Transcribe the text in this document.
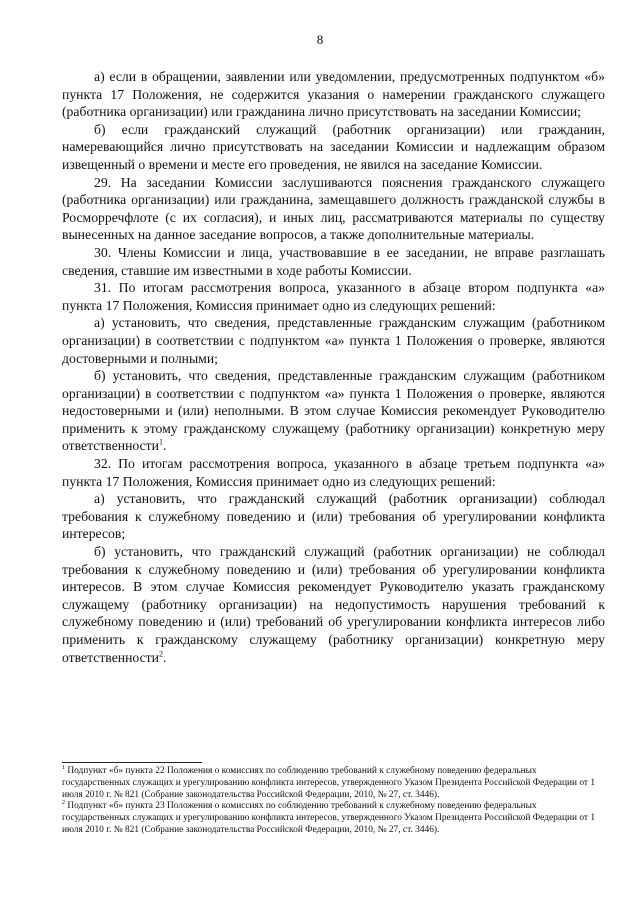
8

а) если в обращении, заявлении или уведомлении, предусмотренных подпунктом «б» пункта 17 Положения, не содержится указания о намерении гражданского служащего (работника организации) или гражданина лично присутствовать на заседании Комиссии;

б) если гражданский служащий (работник организации) или гражданин, намеревающийся лично присутствовать на заседании Комиссии и надлежащим образом извещенный о времени и месте его проведения, не явился на заседание Комиссии.

29. На заседании Комиссии заслушиваются пояснения гражданского служащего (работника организации) или гражданина, замещавшего должность гражданской службы в Росморречфлоте (с их согласия), и иных лиц, рассматриваются материалы по существу вынесенных на данное заседание вопросов, а также дополнительные материалы.

30. Члены Комиссии и лица, участвовавшие в ее заседании, не вправе разглашать сведения, ставшие им известными в ходе работы Комиссии.

31. По итогам рассмотрения вопроса, указанного в абзаце втором подпункта «а» пункта 17 Положения, Комиссия принимает одно из следующих решений:

а) установить, что сведения, представленные гражданским служащим (работником организации) в соответствии с подпунктом «а» пункта 1 Положения о проверке, являются достоверными и полными;

б) установить, что сведения, представленные гражданским служащим (работником организации) в соответствии с подпунктом «а» пункта 1 Положения о проверке, являются недостоверными и (или) неполными. В этом случае Комиссия рекомендует Руководителю применить к этому гражданскому служащему (работнику организации) конкретную меру ответственности$^1$.

32. По итогам рассмотрения вопроса, указанного в абзаце третьем подпункта «а» пункта 17 Положения, Комиссия принимает одно из следующих решений:

а) установить, что гражданский служащий (работник организации) соблюдал требования к служебному поведению и (или) требования об урегулировании конфликта интересов;

б) установить, что гражданский служащий (работник организации) не соблюдал требования к служебному поведению и (или) требования об урегулировании конфликта интересов. В этом случае Комиссия рекомендует Руководителю указать гражданскому служащему (работнику организации) на недопустимость нарушения требований к служебному поведению и (или) требований об урегулировании конфликта интересов либо применить к гражданскому служащему (работнику организации) конкретную меру ответственности$^2$.

$^1$ Подпункт «б» пункта 22 Положения о комиссиях по соблюдению требований к служебному поведению федеральных государственных служащих и урегулированию конфликта интересов, утвержденного Указом Президента Российской Федерации от 1 июля 2010 г. № 821 (Собрание законодательства Российской Федерации, 2010, № 27, ст. 3446).

$^2$ Подпункт «б» пункта 23 Положения о комиссиях по соблюдению требований к служебному поведению федеральных государственных служащих и урегулированию конфликта интересов, утвержденного Указом Президента Российской Федерации от 1 июля 2010 г. № 821 (Собрание законодательства Российской Федерации, 2010, № 27, ст. 3446).
